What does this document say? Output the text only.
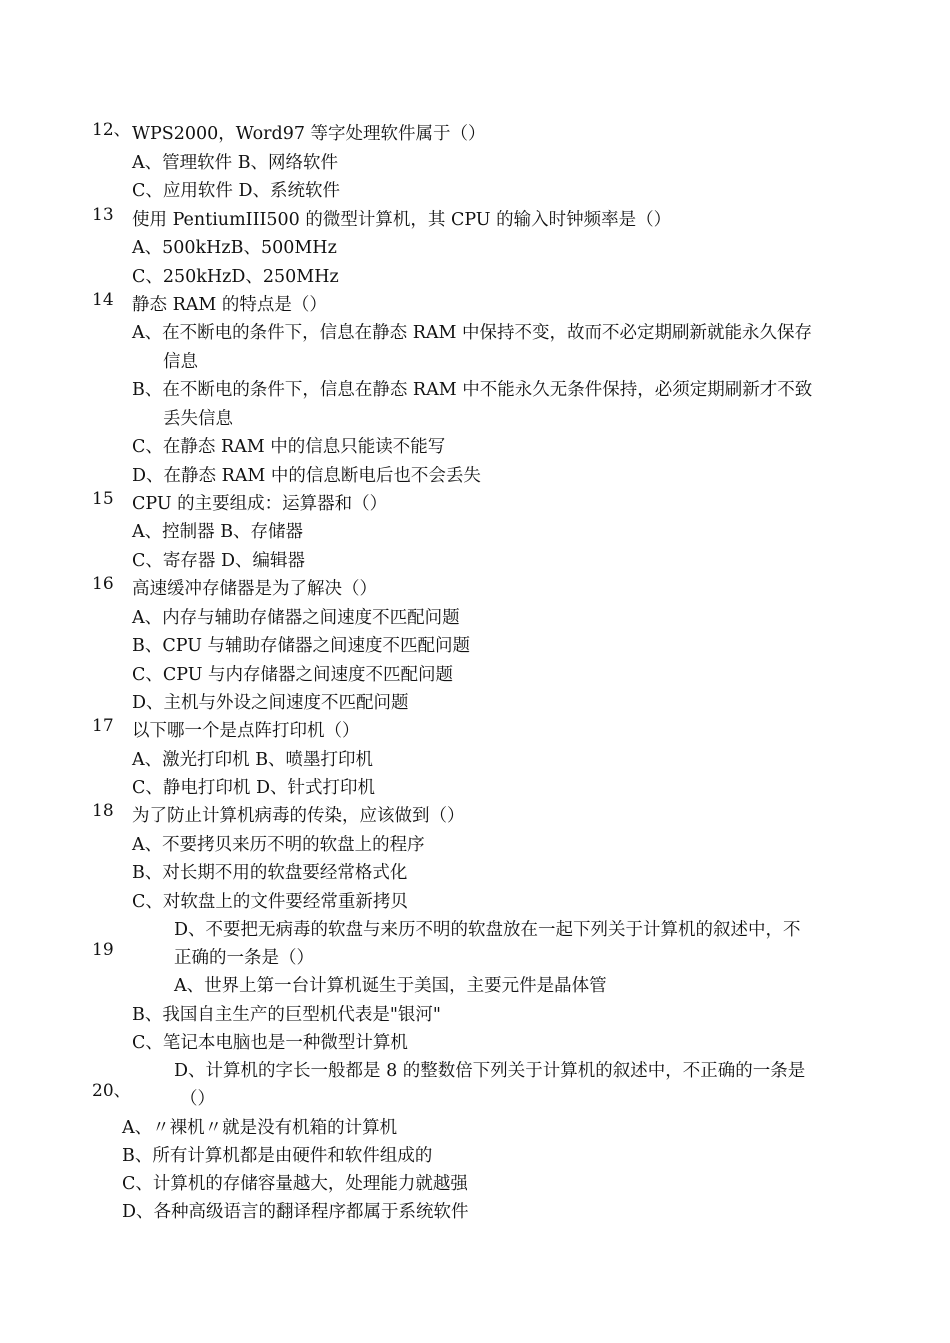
12、 WPS2000，Word97 等字处理软件属于（）
A、管理软件 B、网络软件
C、应用软件 D、系统软件
13 使用 PentiumIII500 的微型计算机，其 CPU 的输入时钟频率是（）
A、500kHzB、500MHz
C、250kHzD、250MHz
14 静态 RAM 的特点是（）
A、在不断电的条件下，信息在静态 RAM 中保持不变，故而不必定期刷新就能永久保存
信息
B、在不断电的条件下，信息在静态 RAM 中不能永久无条件保持，必须定期刷新才不致
丢失信息
C、在静态 RAM 中的信息只能读不能写
D、在静态 RAM 中的信息断电后也不会丢失
15 CPU 的主要组成：运算器和（）
A、控制器 B、存储器
C、寄存器 D、编辑器
16 高速缓冲存储器是为了解决（）
A、内存与辅助存储器之间速度不匹配问题
B、CPU 与辅助存储器之间速度不匹配问题
C、CPU 与内存储器之间速度不匹配问题
D、主机与外设之间速度不匹配问题
17 以下哪一个是点阵打印机（）
A、激光打印机 B、喷墨打印机
C、静电打印机 D、针式打印机
18 为了防止计算机病毒的传染，应该做到（）
A、不要拷贝来历不明的软盘上的程序
B、对长期不用的软盘要经常格式化
C、对软盘上的文件要经常重新拷贝
D、不要把无病毒的软盘与来历不明的软盘放在一起下列关于计算机的叙述中，不
正确的一条是（）
19
A、世界上第一台计算机诞生于美国，主要元件是晶体管
B、我国自主生产的巨型机代表是"银河"
C、笔记本电脑也是一种微型计算机
D、计算机的字长一般都是 8 的整数倍下列关于计算机的叙述中，不正确的一条是
（）
20、
A、〃裸机〃就是没有机箱的计算机
B、所有计算机都是由硬件和软件组成的
C、计算机的存储容量越大，处理能力就越强
D、各种高级语言的翻译程序都属于系统软件
